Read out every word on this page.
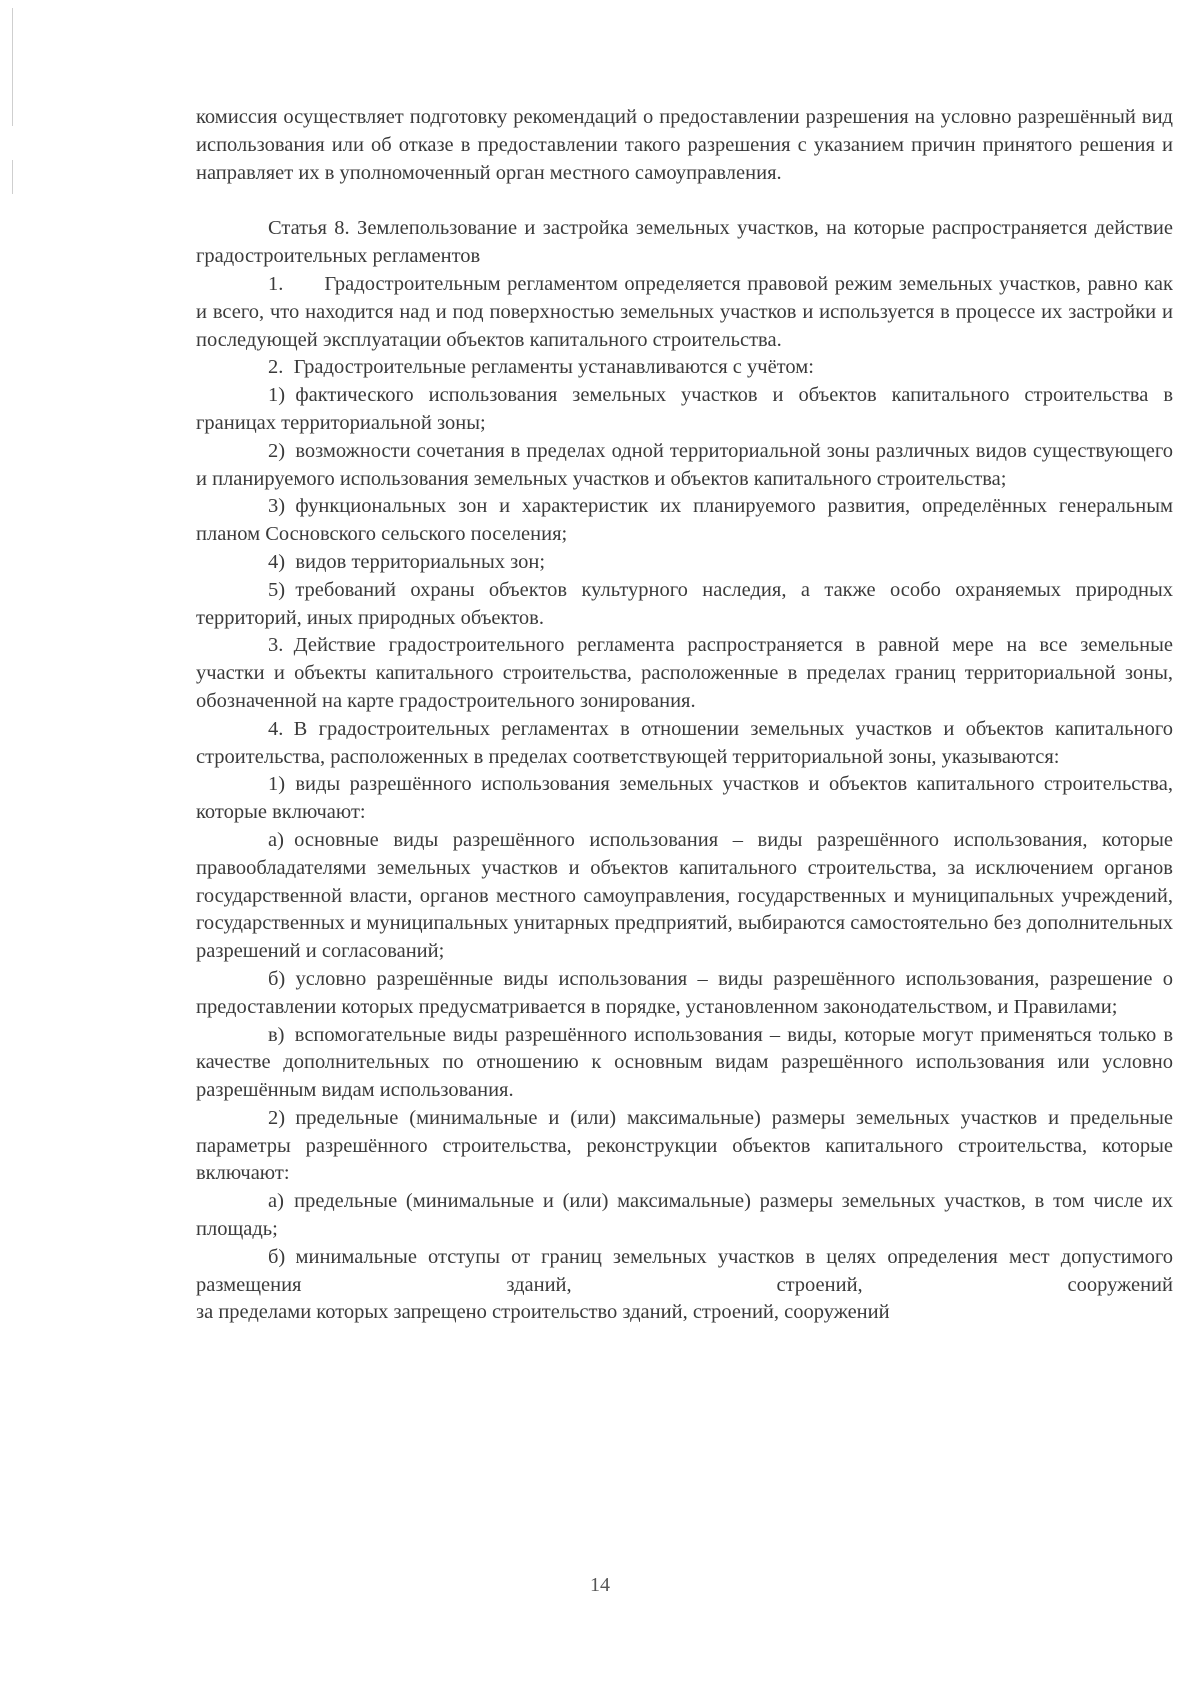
комиссия осуществляет подготовку рекомендаций о предоставлении разрешения на условно разрешённый вид использования или об отказе в предоставлении такого разрешения с указанием причин принятого решения и направляет их в уполномоченный орган местного самоуправления.

Статья 8. Землепользование и застройка земельных участков, на которые распространяется действие градостроительных регламентов

1.  Градостроительным регламентом определяется правовой режим земельных участков, равно как и всего, что находится над и под поверхностью земельных участков и используется в процессе их застройки и последующей эксплуатации объектов капитального строительства.

2. Градостроительные регламенты устанавливаются с учётом:

1) фактического использования земельных участков и объектов капитального строительства в границах территориальной зоны;

2) возможности сочетания в пределах одной территориальной зоны различных видов существующего и планируемого использования земельных участков и объектов капитального строительства;

3) функциональных зон и характеристик их планируемого развития, определённых генеральным планом Сосновского сельского поселения;

4) видов территориальных зон;

5) требований охраны объектов культурного наследия, а также особо охраняемых природных территорий, иных природных объектов.

3. Действие градостроительного регламента распространяется в равной мере на все земельные участки и объекты капитального строительства, расположенные в пределах границ территориальной зоны, обозначенной на карте градостроительного зонирования.

4. В градостроительных регламентах в отношении земельных участков и объектов капитального строительства, расположенных в пределах соответствующей территориальной зоны, указываются:

1) виды разрешённого использования земельных участков и объектов капитального строительства, которые включают:

а) основные виды разрешённого использования – виды разрешённого использования, которые правообладателями земельных участков и объектов капитального строительства, за исключением органов государственной власти, органов местного самоуправления, государственных и муниципальных учреждений, государственных и муниципальных унитарных предприятий, выбираются самостоятельно без дополнительных разрешений и согласований;

б) условно разрешённые виды использования – виды разрешённого использования, разрешение о предоставлении которых предусматривается в порядке, установленном законодательством, и Правилами;

в) вспомогательные виды разрешённого использования – виды, которые могут применяться только в качестве дополнительных по отношению к основным видам разрешённого использования или условно разрешённым видам использования.

2) предельные (минимальные и (или) максимальные) размеры земельных участков и предельные параметры разрешённого строительства, реконструкции объектов капитального строительства, которые включают:

а) предельные (минимальные и (или) максимальные) размеры земельных участков, в том числе их площадь;

б) минимальные отступы от границ земельных участков в целях определения мест допустимого размещения зданий, строений, сооружений

за пределами которых запрещено строительство зданий, строений, сооружений

14
